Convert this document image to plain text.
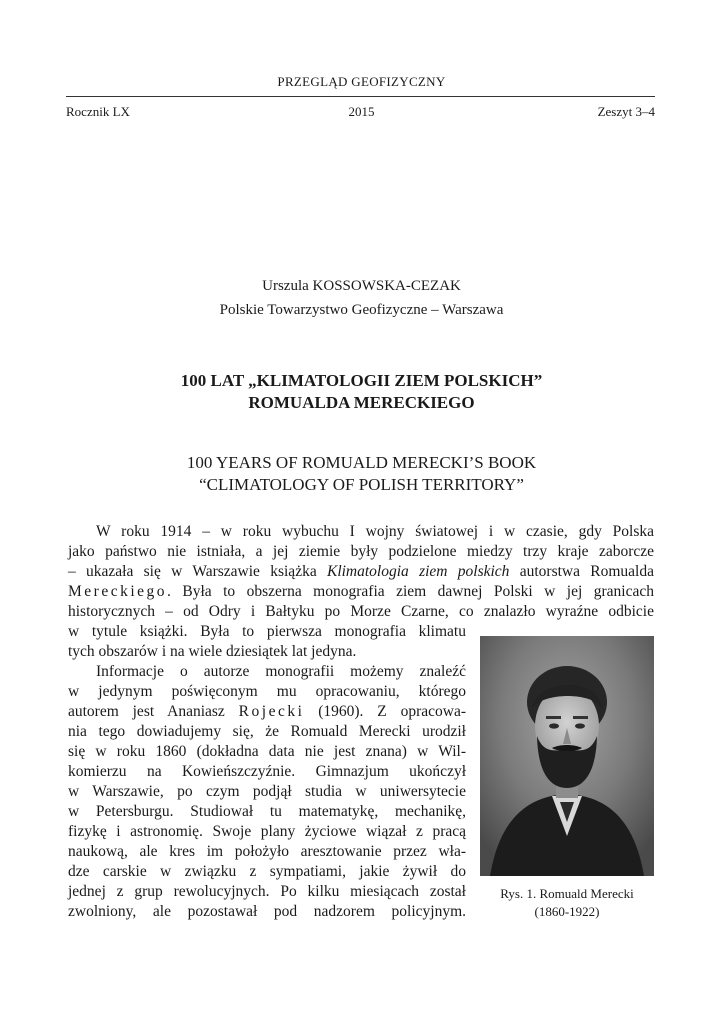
PRZEGLĄD GEOFIZYCZNY
Rocznik LX	2015	Zeszyt 3–4
Urszula KOSSOWSKA-CEZAK
Polskie Towarzystwo Geofizyczne – Warszawa
100 LAT „KLIMATOLOGII ZIEM POLSKICH”
ROMUALDA MERECKIEGO
100 YEARS OF ROMUALD MERECKI’S BOOK
“CLIMATOLOGY OF POLISH TERRITORY”
W roku 1914 – w roku wybuchu I wojny światowej i w czasie, gdy Polska
jako państwo nie istniała, a jej ziemie były podzielone miedzy trzy kraje zaborcze
– ukazała się w Warszawie książka Klimatologia ziem polskich autorstwa Romualda
Mereckiego. Była to obszerna monografia ziem dawnej Polski w jej granicach
historycznych – od Odry i Bałtyku po Morze Czarne, co znalazło wyraźne odbicie
w tytule książki. Była to pierwsza monografia klimatu
tych obszarów i na wiele dziesiątek lat jedyna.
Informacje o autorze monografii możemy znaleźć
w jedynym poświęconym mu opracowaniu, którego
autorem jest Ananiasz Rojecki (1960). Z opracowa-
nia tego dowiadujemy się, że Romuald Merecki urodził
się w roku 1860 (dokładna data nie jest znana) w Wil-
komierzu na Kowieńszczyźnie. Gimnazjum ukończył
w Warszawie, po czym podjął studia w uniwersytecie
w Petersburgu. Studiował tu matematykę, mechanikę,
fizykę i astronomię. Swoje plany życiowe wiązał z pracą
naukową, ale kres im położyło aresztowanie przez wła-
dze carskie w związku z sympatiami, jakie żywił do
jednej z grup rewolucyjnych. Po kilku miesiącach został
zwolniony, ale pozostawał pod nadzorem policyjnym.
Rys. 1. Romuald Merecki
(1860-1922)
